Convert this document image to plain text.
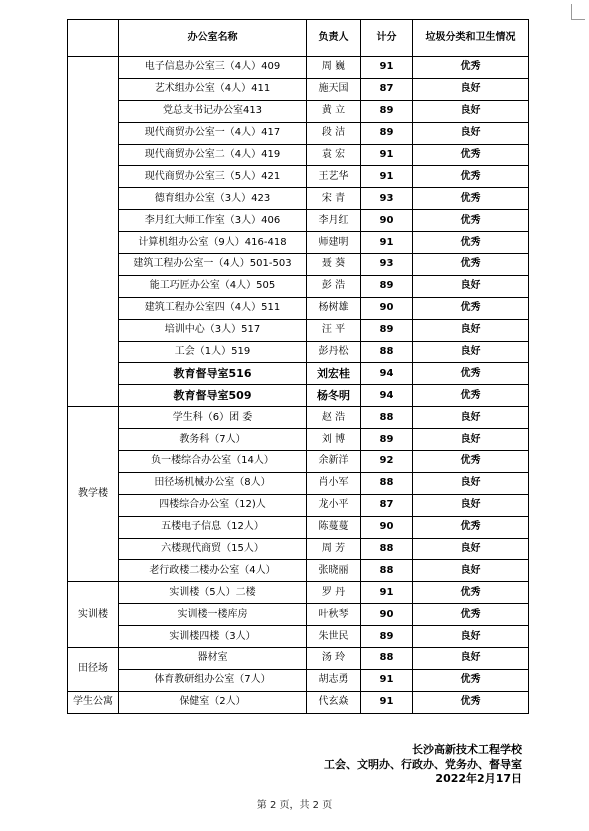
	办公室名称	负责人	计分	垃圾分类和卫生情况
	电子信息办公室三（4人）409	周 巍	91	优秀
	艺术组办公室（4人）411	施天国	87	良好
	党总支书记办公室413	黄 立	89	良好
	现代商贸办公室一（4人）417	段 洁	89	良好
	现代商贸办公室二（4人）419	袁 宏	91	优秀
	现代商贸办公室三（5人）421	王艺华	91	优秀
	德育组办公室（3人）423	宋 青	93	优秀
	李月红大师工作室（3人）406	李月红	90	优秀
	计算机组办公室（9人）416-418	师建明	91	优秀
	建筑工程办公室一（4人）501-503	聂 葵	93	优秀
	能工巧匠办公室（4人）505	彭 浩	89	良好
	建筑工程办公室四（4人）511	杨树雄	90	优秀
	培训中心（3人）517	汪 平	89	良好
	工会（1人）519	彭丹松	88	良好
	教育督导室516	刘宏桂	94	优秀
	教育督导室509	杨冬明	94	优秀
教学楼	学生科（6）团 委	赵 浩	88	良好
	教务科（7人）	刘 博	89	良好
	负一楼综合办公室（14人）	余新洋	92	优秀
	田径场机械办公室（8人）	肖小军	88	良好
	四楼综合办公室（12)人	龙小平	87	良好
	五楼电子信息（12人）	陈蔓蔓	90	优秀
	六楼现代商贸（15人）	周 芳	88	良好
	老行政楼二楼办公室（4人）	张晓丽	88	良好
实训楼	实训楼（5人）二楼	罗 丹	91	优秀
	实训楼一楼库房	叶秋琴	90	优秀
	实训楼四楼（3人）	朱世民	89	良好
田径场	器材室	汤 玲	88	良好
	体育教研组办公室（7人）	胡志勇	91	优秀
学生公寓	保健室（2人）	代玄焱	91	优秀
长沙高新技术工程学校
工会、文明办、行政办、党务办、督导室
2022年2月17日
第 2 页，共 2 页
